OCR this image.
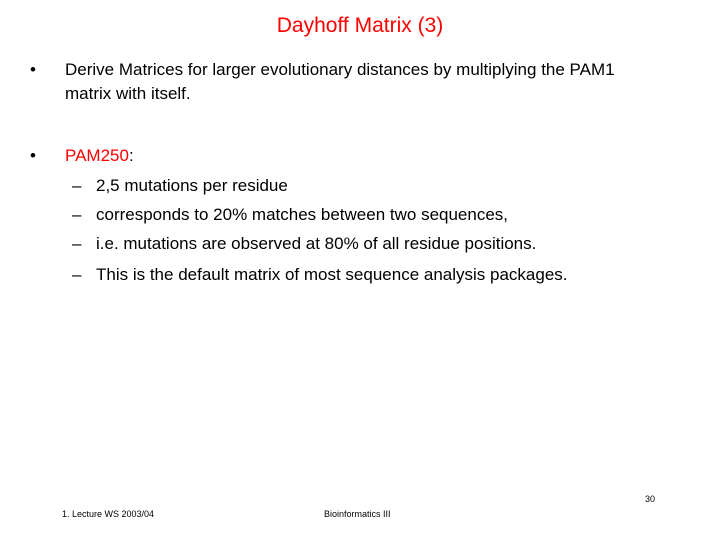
Dayhoff Matrix (3)
• Derive Matrices for larger evolutionary distances by multiplying the PAM1 matrix with itself.
• PAM250:
– 2,5 mutations per residue
– corresponds to 20% matches between two sequences,
– i.e. mutations are observed at 80% of all residue positions.
– This is the default matrix of most sequence analysis packages.
1. Lecture WS 2003/04	Bioinformatics III
30
